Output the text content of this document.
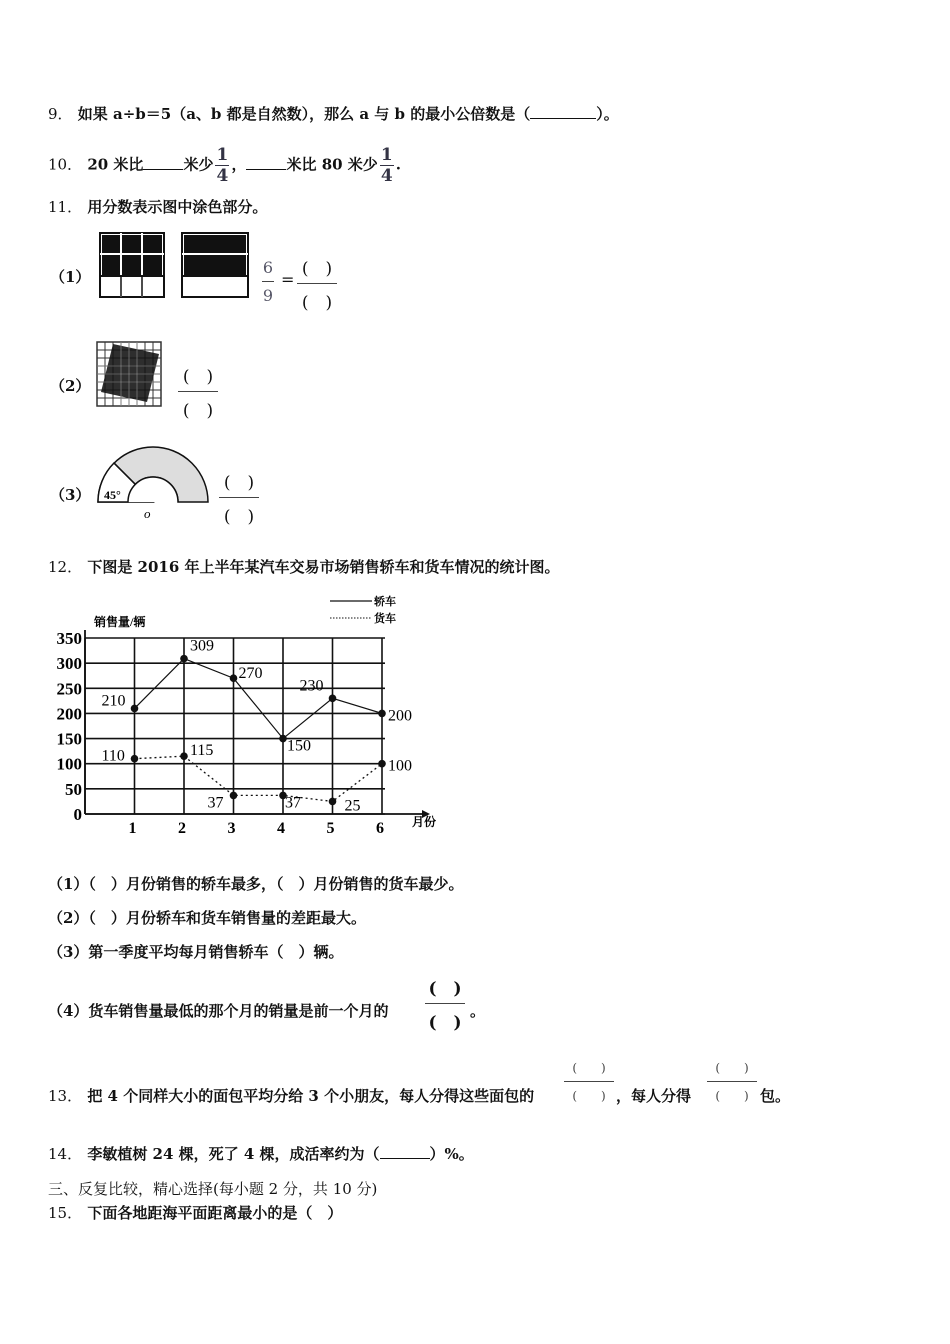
9． 如果 a÷b＝5（a、b 都是自然数），那么 a 与 b 的最小公倍数是（	）。
10． 20 米比	米少 $\frac{1}{4}$ ，	米比 80 米少 $\frac{1}{4}$ .
11． 用分数表示图中涂色部分。
（1）	6
9
=
(　)
(　)
（2）	(　)
(　)
（3） 45°
o
(　)
(　)
12． 下图是 2016 年上半年某汽车交易市场销售轿车和货车情况的统计图。
0
50
100
150
200
250
300
350
1	2	3	4	5	6 月份
销售量/辆
210
309
270
150
230
200
110	115
37	37	25
100
轿车
货车
（1）（　）月份销售的轿车最多，（　）月份销售的货车最少。
（2）（　）月份轿车和货车销售量的差距最大。
（3）第一季度平均每月销售轿车（　）辆。
（4）货车销售量最低的那个月的销量是前一个月的
(　)
(　)
。
13． 把 4 个同样大小的面包平均分给 3 个小朋友，每人分得这些面包的
(　　)
(　　) ，每人分得
(　　)
(　　) 包。
14． 李敏植树 24 棵，死了 4 棵，成活率约为（	）%。
三、反复比较，精心选择(每小题 2 分，共 10 分)
15． 下面各地距海平面距离最小的是（　）
